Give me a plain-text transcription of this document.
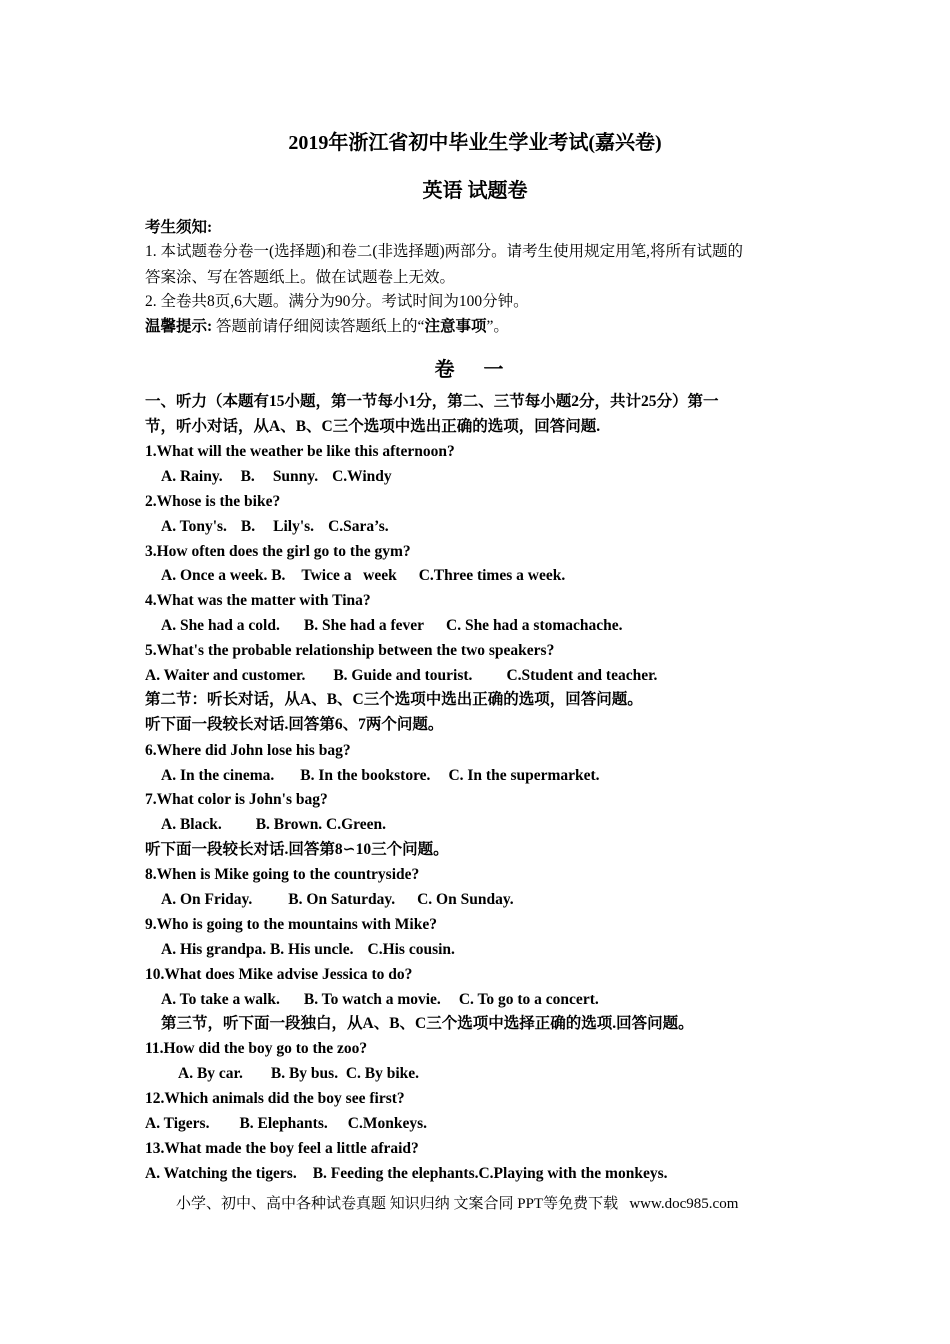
2019年浙江省初中毕业生学业考试(嘉兴卷)
英语 试题卷
考生须知:
1. 本试题卷分卷一(选择题)和卷二(非选择题)两部分。请考生使用规定用笔,将所有试题的
答案涂、写在答题纸上。做在试题卷上无效。
2. 全卷共8页,6大题。满分为90分。考试时间为100分钟。
温馨提示: 答题前请仔细阅读答题纸上的“注意事项”。
卷 一
一、听力（本题有15小题，第一节每小1分，第二、三节每小题2分，共计25分）第一
节，听小对话，从A、B、C三个选项中选出正确的选项，回答问题.
1.What will the weather be like this afternoon?
A. Rainy. B. Sunny. C.Windy
2.Whose is the bike?
A. Tony's. B. Lily's. C.Sara’s.
3.How often does the girl go to the gym?
A. Once a week. B. Twice a   week C.Three times a week.
4.What was the matter with Tina?
A. She had a cold. B. She had a fever C. She had a stomachache.
5.What's the probable relationship between the two speakers?
A. Waiter and customer. B. Guide and tourist. C.Student and teacher.
第二节：听长对话，从A、B、C三个选项中选出正确的选项，回答问题。
听下面一段较长对话.回答第6、7两个问题。
6.Where did John lose his bag?
A. In the cinema. B. In the bookstore. C. In the supermarket.
7.What color is John's bag?
A. Black. B. Brown. C.Green.
听下面一段较长对话.回答第8∽10三个问题。
8.When is Mike going to the countryside?
A. On Friday. B. On Saturday. C. On Sunday.
9.Who is going to the mountains with Mike?
A. His grandpa. B. His uncle. C.His cousin.
10.What does Mike advise Jessica to do?
A. To take a walk. B. To watch a movie. C. To go to a concert.
第三节，听下面一段独白，从A、B、C三个选项中选择正确的选项.回答问题。
11.How did the boy go to the zoo?
A. By car. B. By bus.  C. By bike.
12.Which animals did the boy see first?
A. Tigers. B. Elephants. C.Monkeys.
13.What made the boy feel a little afraid?
A. Watching the tigers. B. Feeding the elephants.C.Playing with the monkeys.
小学、初中、高中各种试卷真题 知识归纳 文案合同 PPT等免费下载   www.doc985.com
